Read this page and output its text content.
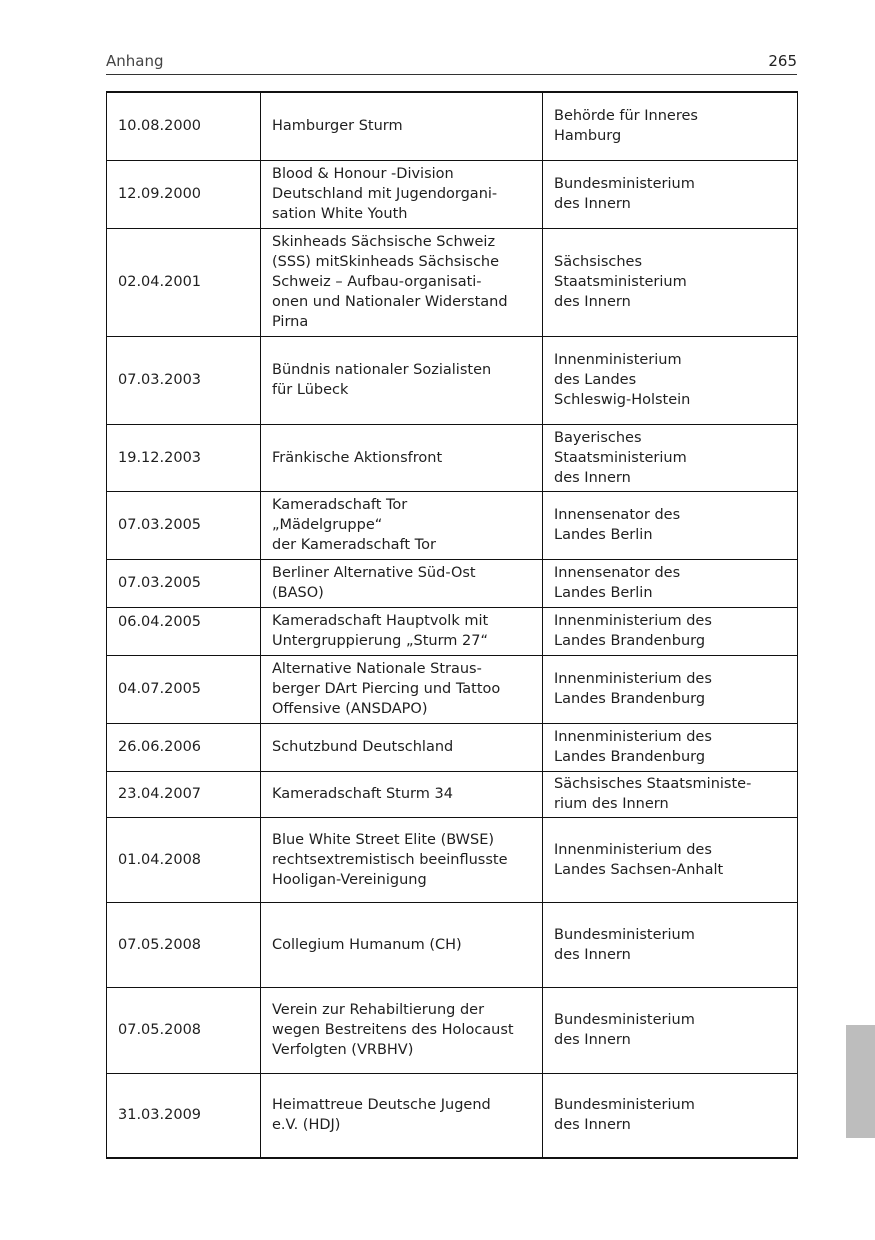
Anhang	265
10.08.2000	Hamburger Sturm	Behörde für Inneres
Hamburg
12.09.2000	Blood & Honour -Division
Deutschland mit Jugendorgani-
sation White Youth	Bundesministerium
des Innern
02.04.2001	Skinheads Sächsische Schweiz
(SSS) mitSkinheads Sächsische
Schweiz – Aufbau-organisati-
onen und Nationaler Widerstand
Pirna	Sächsisches
Staatsministerium
des Innern
07.03.2003	Bündnis nationaler Sozialisten
für Lübeck	Innenministerium
des Landes
Schleswig-Holstein
19.12.2003	Fränkische Aktionsfront	Bayerisches
Staatsministerium
des Innern
07.03.2005	Kameradschaft Tor
„Mädelgruppe“
der Kameradschaft Tor	Innensenator des
Landes Berlin
07.03.2005	Berliner Alternative Süd-Ost
(BASO)	Innensenator des
Landes Berlin
06.04.2005	Kameradschaft Hauptvolk mit
Untergruppierung „Sturm 27“	Innenministerium des
Landes Brandenburg
04.07.2005	Alternative Nationale Straus-
berger DArt Piercing und Tattoo
Offensive (ANSDAPO)	Innenministerium des
Landes Brandenburg
26.06.2006	Schutzbund Deutschland	Innenministerium des
Landes Brandenburg
23.04.2007	Kameradschaft Sturm 34	Sächsisches Staatsministe-
rium des Innern
01.04.2008	Blue White Street Elite (BWSE)
rechtsextremistisch beeinflusste
Hooligan-Vereinigung	Innenministerium des
Landes Sachsen-Anhalt
07.05.2008	Collegium Humanum (CH)	Bundesministerium
des Innern
07.05.2008	Verein zur Rehabiltierung der
wegen Bestreitens des Holocaust
Verfolgten (VRBHV)	Bundesministerium
des Innern
31.03.2009	Heimattreue Deutsche Jugend
e.V. (HDJ)	Bundesministerium
des Innern
